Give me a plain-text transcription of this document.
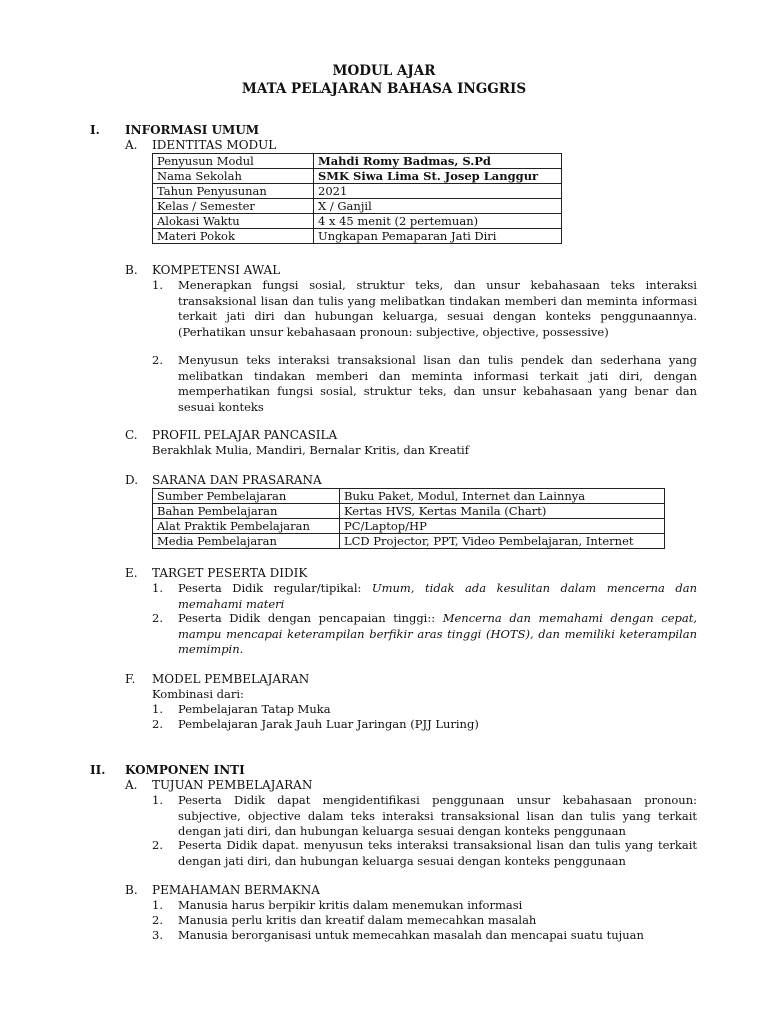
MODUL AJAR
MATA PELAJARAN BAHASA INGGRIS
I. INFORMASI UMUM
A. IDENTITAS MODUL
Penyusun Modul	Mahdi Romy Badmas, S.Pd
Nama Sekolah	SMK Siwa Lima St. Josep Langgur
Tahun Penyusunan	2021
Kelas / Semester	X / Ganjil
Alokasi Waktu	4 x 45 menit (2 pertemuan)
Materi Pokok	Ungkapan Pemaparan Jati Diri
B. KOMPETENSI AWAL
1.	Menerapkan fungsi sosial, struktur teks, dan unsur kebahasaan teks interaksi transaksional lisan dan tulis yang melibatkan tindakan memberi dan meminta informasi terkait jati diri dan hubungan keluarga, sesuai dengan konteks penggunaannya. (Perhatikan unsur kebahasaan pronoun: subjective, objective, possessive)
2.	Menyusun teks interaksi transaksional lisan dan tulis pendek dan sederhana yang melibatkan tindakan memberi dan meminta informasi terkait jati diri, dengan memperhatikan fungsi sosial, struktur teks, dan unsur kebahasaan yang benar dan sesuai konteks
C. PROFIL PELAJAR PANCASILA
Berakhlak Mulia, Mandiri, Bernalar Kritis, dan Kreatif
D. SARANA DAN PRASARANA
Sumber Pembelajaran	Buku Paket, Modul, Internet dan Lainnya
Bahan Pembelajaran	Kertas HVS, Kertas Manila (Chart)
Alat Praktik Pembelajaran	PC/Laptop/HP
Media Pembelajaran	LCD Projector, PPT, Video Pembelajaran, Internet
E. TARGET PESERTA DIDIK
1.	Peserta Didik regular/tipikal: Umum, tidak ada kesulitan dalam mencerna dan memahami materi
2.	Peserta Didik dengan pencapaian tinggi:: Mencerna dan memahami dengan cepat, mampu mencapai keterampilan berfikir aras tinggi (HOTS), dan memiliki keterampilan memimpin.
F. MODEL PEMBELAJARAN
Kombinasi dari:
1.	Pembelajaran Tatap Muka
2.	Pembelajaran Jarak Jauh Luar Jaringan (PJJ Luring)
II. KOMPONEN INTI
A. TUJUAN PEMBELAJARAN
1.	Peserta Didik dapat mengidentifikasi penggunaan unsur kebahasaan pronoun: subjective, objective dalam teks interaksi transaksional lisan dan tulis yang terkait dengan jati diri, dan hubungan keluarga sesuai dengan konteks penggunaan
2.	Peserta Didik dapat. menyusun teks interaksi transaksional lisan dan tulis yang terkait dengan jati diri, dan hubungan keluarga sesuai dengan konteks penggunaan
B. PEMAHAMAN BERMAKNA
1.	Manusia harus berpikir kritis dalam menemukan informasi
2.	Manusia perlu kritis dan kreatif dalam memecahkan masalah
3.	Manusia berorganisasi untuk memecahkan masalah dan mencapai suatu tujuan
